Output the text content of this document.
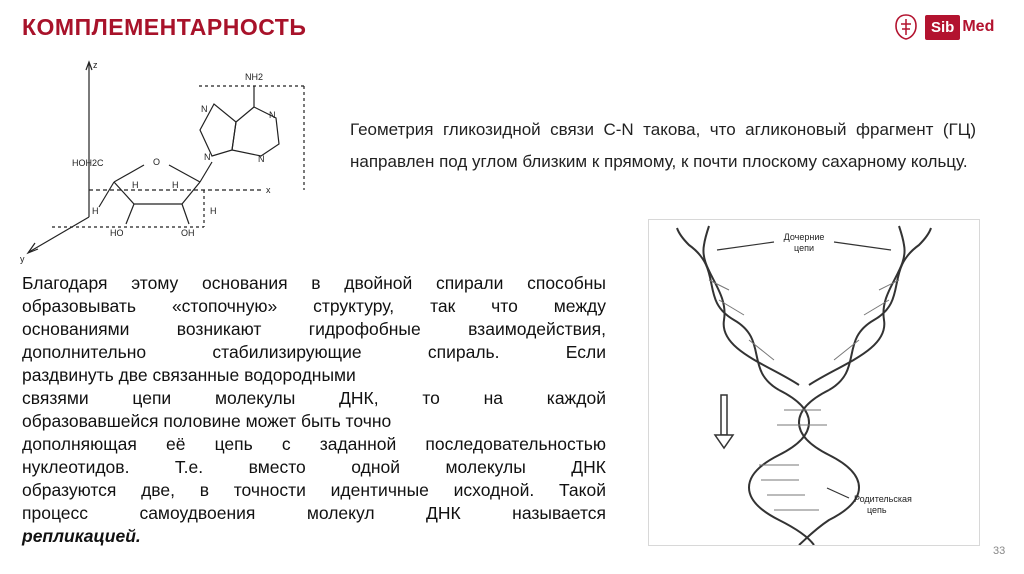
КОМПЛЕМЕНТАРНОСТЬ	Sib Med
z
y
x
NH2
HOH2C	O	N
N
N
N
H
H	H
H
HO	OH
Геометрия гликозидной связи C-N такова, что агликоновый фрагмент (ГЦ) направлен под углом близким к прямому, к почти плоскому сахарному кольцу.
Благодаря этому основания в двойной спирали способны
образовывать «стопочную» структуру, так что между
основаниями возникают гидрофобные взаимодействия,
дополнительно стабилизирующие спираль. Если
раздвинуть две связанные водородными
связями цепи молекулы ДНК, то на каждой
образовавшейся половине может быть точно
дополняющая её цепь с заданной последовательностью
нуклеотидов. Т.е. вместо одной молекулы ДНК
образуются две, в точности идентичные исходной. Такой
процесс самоудвоения молекул ДНК называется
репликацией.
Дочерние
цепи
Родительская
цепь
33
